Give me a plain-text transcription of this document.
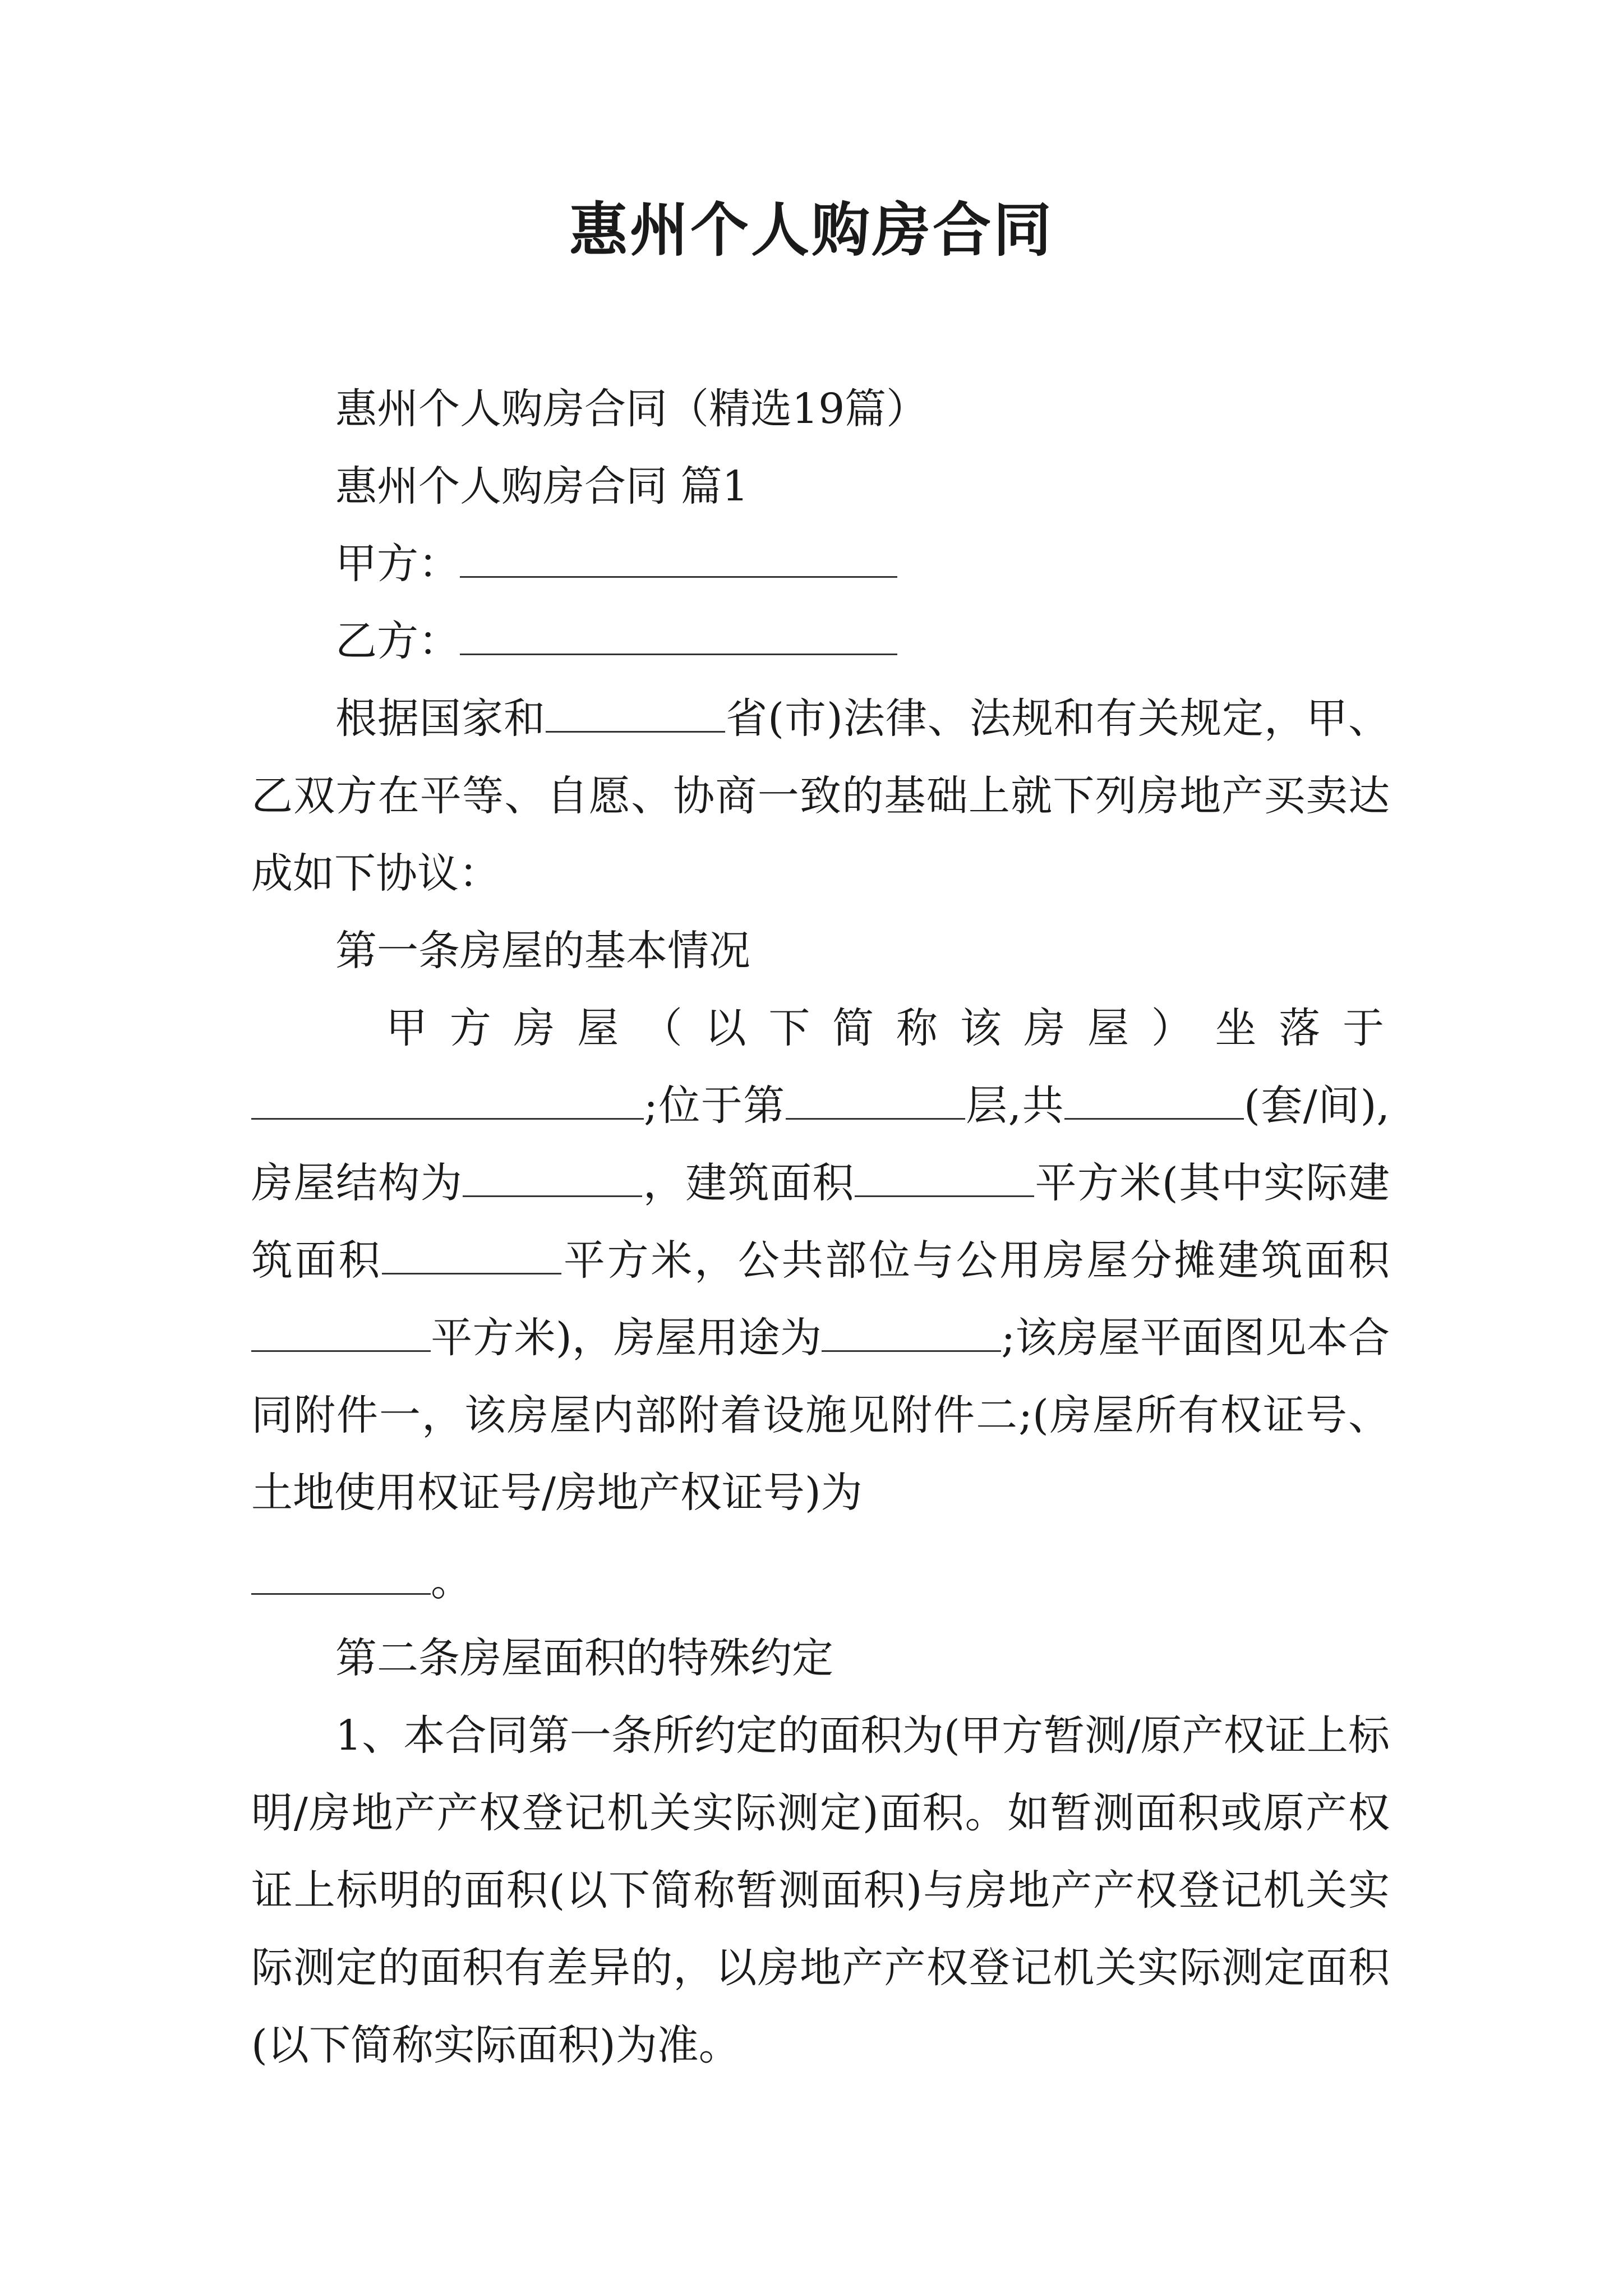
惠州个人购房合同

惠州个人购房合同（精选19篇）

惠州个人购房合同 篇1

甲方：

乙方：

根据国家和	省(市)法律、法规和有关规定，甲、乙双方在平等、自愿、协商一致的基础上就下列房地产买卖达成如下协议：

第一条房屋的基本情况

甲方房屋（以下简称该房屋）坐落于

;位于第	层,共	(套/间),房屋结构为	，建筑面积	平方米(其中实际建筑面积	平方米，公共部位与公用房屋分摊建筑面积平方米)，房屋用途为	;该房屋平面图见本合同附件一，该房屋内部附着设施见附件二;(房屋所有权证号、土地使用权证号/房地产权证号)为
。

第二条房屋面积的特殊约定

1、本合同第一条所约定的面积为(甲方暂测/原产权证上标明/房地产产权登记机关实际测定)面积。如暂测面积或原产权证上标明的面积(以下简称暂测面积)与房地产产权登记机关实际测定的面积有差异的，以房地产产权登记机关实际测定面积(以下简称实际面积)为准。
